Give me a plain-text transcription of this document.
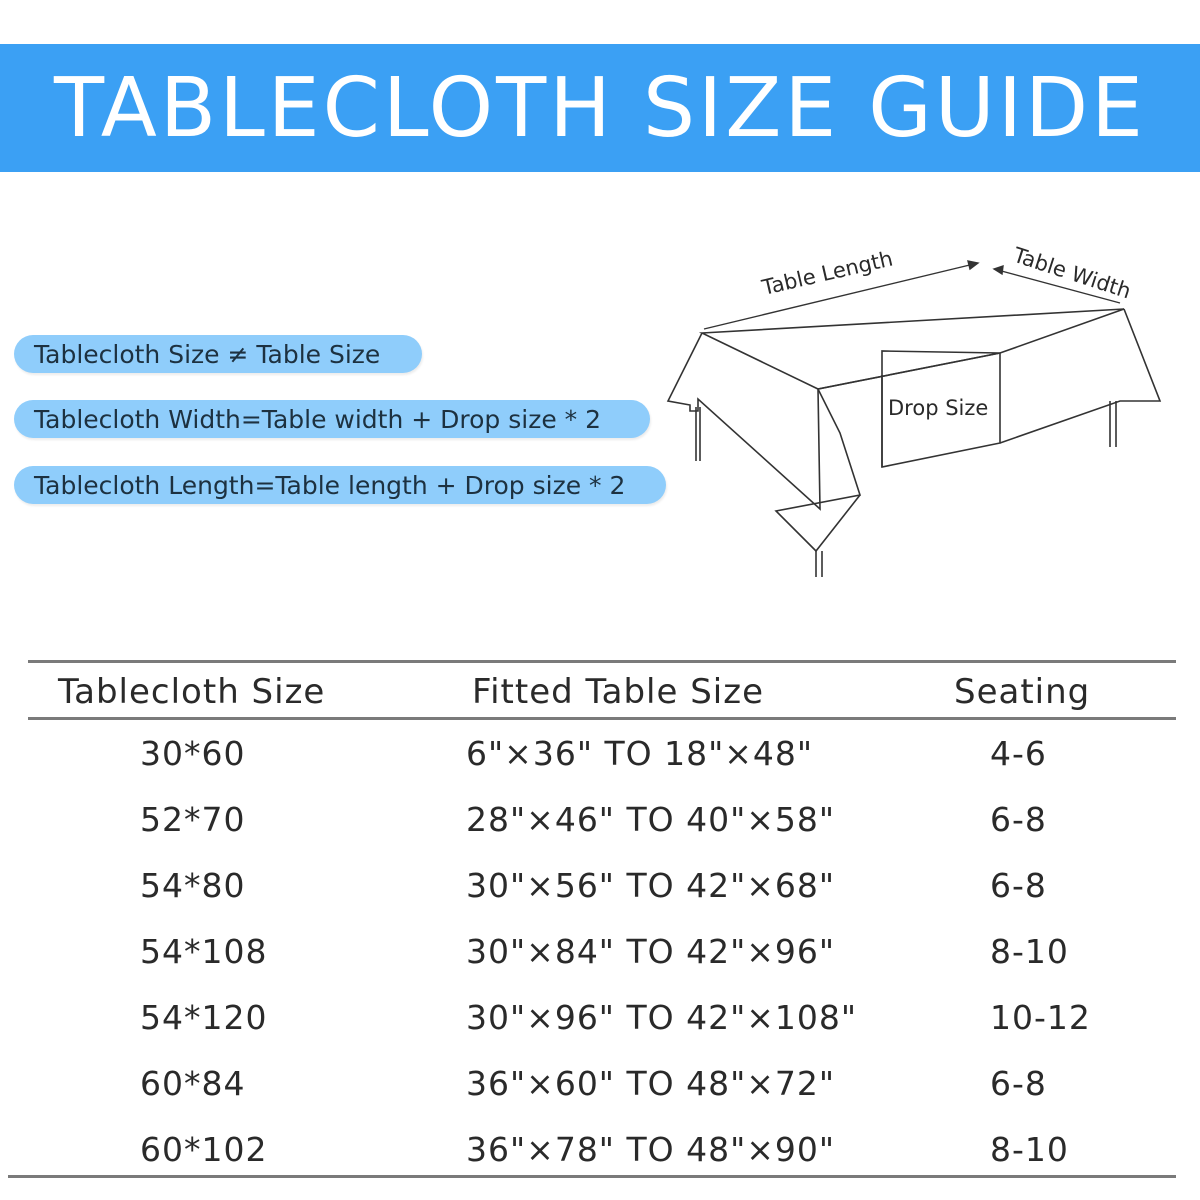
TABLECLOTH SIZE GUIDE
Tablecloth Size ≠ Table Size
Tablecloth Width=Table width + Drop size * 2
Tablecloth Length=Table length + Drop size * 2
Table Length	Table Width
Drop Size
Tablecloth Size	Fitted Table Size	Seating
30*60	6"×36" TO 18"×48"	4-6
52*70	28"×46" TO 40"×58"	6-8
54*80	30"×56" TO 42"×68"	6-8
54*108	30"×84" TO 42"×96"	8-10
54*120	30"×96" TO 42"×108"	10-12
60*84	36"×60" TO 48"×72"	6-8
60*102	36"×78" TO 48"×90"	8-10
